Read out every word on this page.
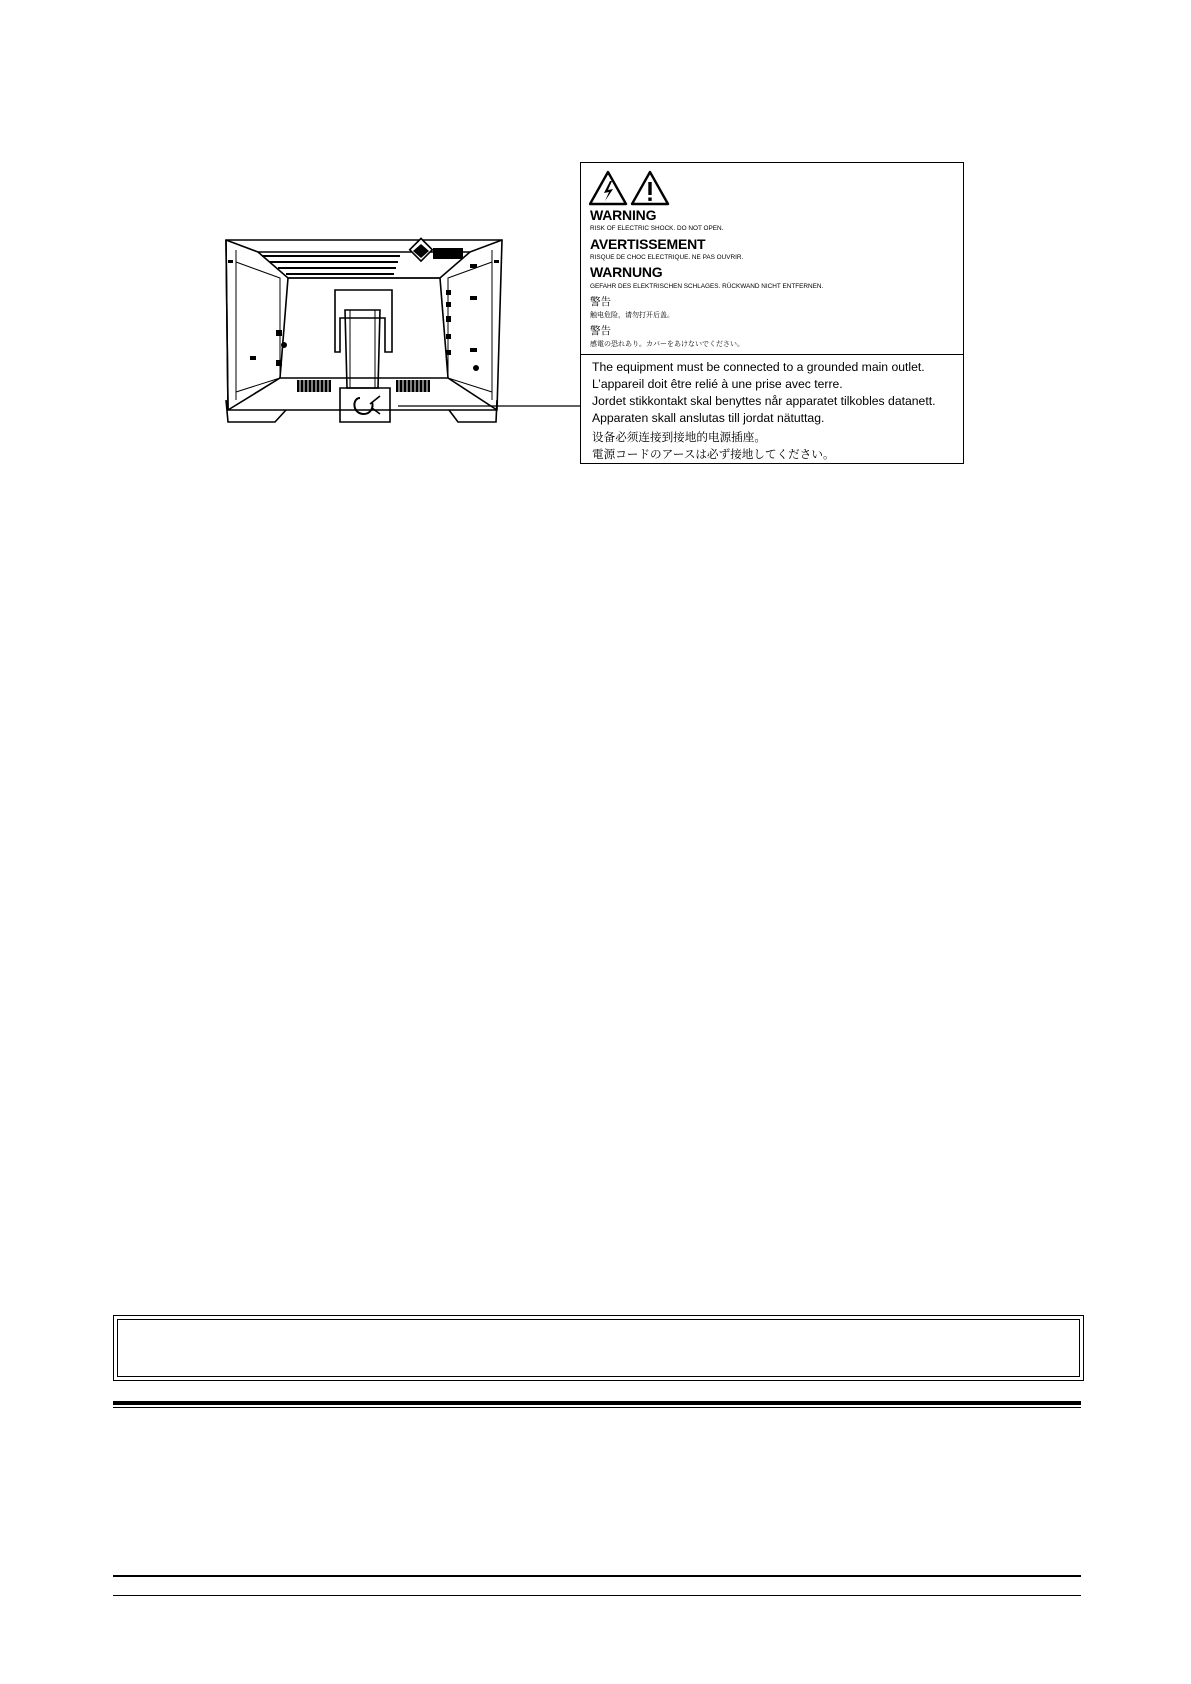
WARNING
RISK OF ELECTRIC SHOCK. DO NOT OPEN.
AVERTISSEMENT
RISQUE DE CHOC ELECTRIQUE. NE PAS OUVRIR.
WARNUNG
GEFAHR DES ELEKTRISCHEN SCHLAGES. RÜCKWAND NICHT ENTFERNEN.
警告
触电危险，请勿打开后盖。
警告
感電の恐れあり。カバーをあけないでください。
The equipment must be connected to a grounded main outlet.
L’appareil doit être relié à une prise avec terre.
Jordet stikkontakt skal benyttes når apparatet tilkobles datanett.
Apparaten skall anslutas till jordat nätuttag.
设备必须连接到接地的电源插座。
電源コードのアースは必ず接地してください。
